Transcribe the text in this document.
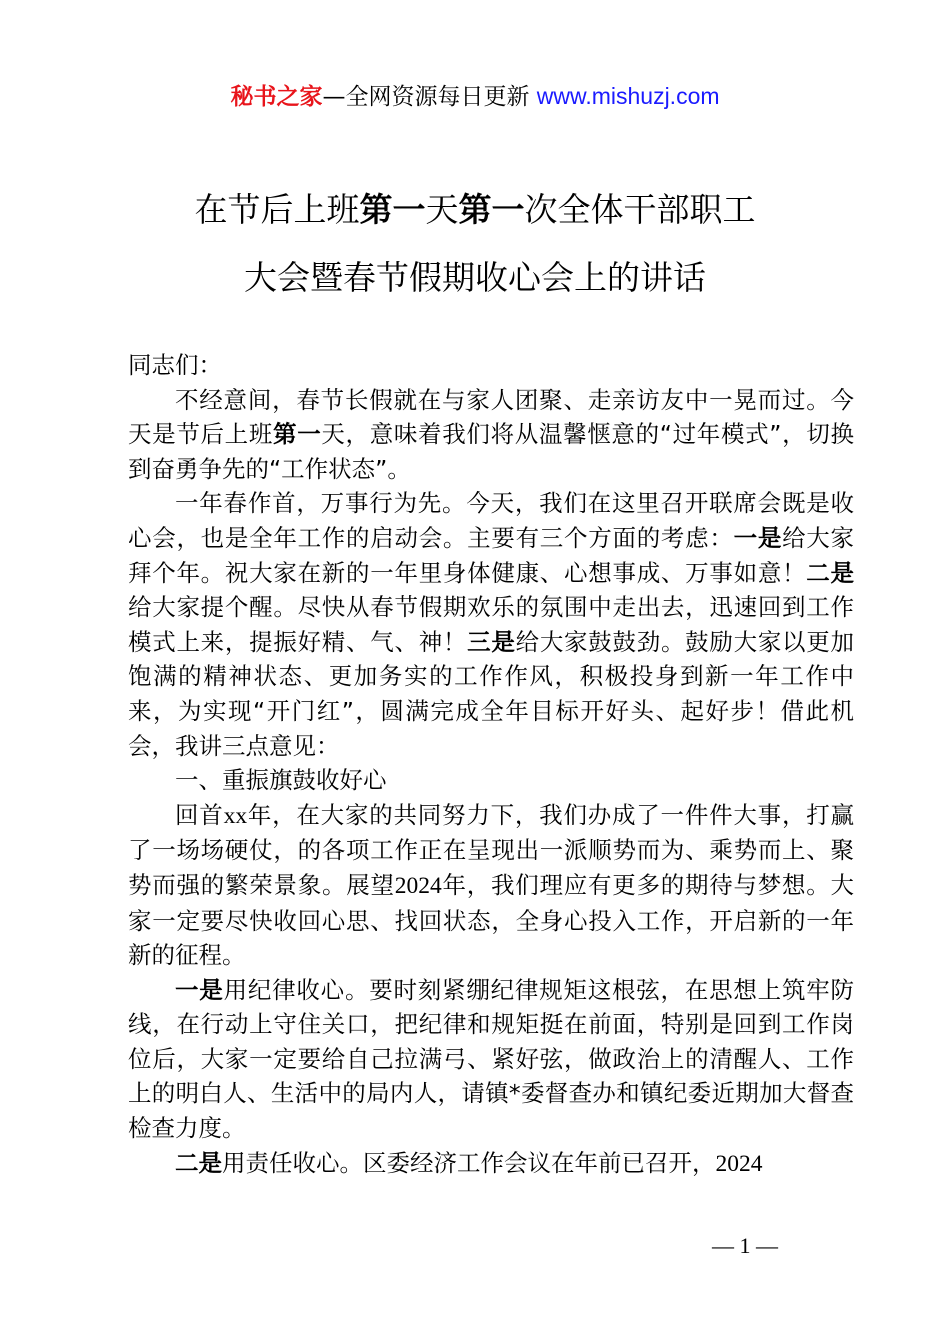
秘书之家—全网资源每日更新 www.mishuzj.com
在节后上班第一天第一次全体干部职工
大会暨春节假期收心会上的讲话

同志们：

不经意间，春节长假就在与家人团聚、走亲访友中一晃而过。今天是节后上班第一天，意味着我们将从温馨惬意的“过年模式”，切换到奋勇争先的“工作状态”。

一年春作首，万事行为先。今天，我们在这里召开联席会既是收心会，也是全年工作的启动会。主要有三个方面的考虑：一是给大家拜个年。祝大家在新的一年里身体健康、心想事成、万事如意！二是给大家提个醒。尽快从春节假期欢乐的氛围中走出去，迅速回到工作模式上来，提振好精、气、神！三是给大家鼓鼓劲。鼓励大家以更加饱满的精神状态、更加务实的工作作风，积极投身到新一年工作中来，为实现“开门红”，圆满完成全年目标开好头、起好步！借此机会，我讲三点意见：

一、重振旗鼓收好心

回首xx年，在大家的共同努力下，我们办成了一件件大事，打赢了一场场硬仗，的各项工作正在呈现出一派顺势而为、乘势而上、聚势而强的繁荣景象。展望2024年，我们理应有更多的期待与梦想。大家一定要尽快收回心思、找回状态，全身心投入工作，开启新的一年新的征程。

一是用纪律收心。要时刻紧绷纪律规矩这根弦，在思想上筑牢防线，在行动上守住关口，把纪律和规矩挺在前面，特别是回到工作岗位后，大家一定要给自己拉满弓、紧好弦，做政治上的清醒人、工作上的明白人、生活中的局内人，请镇*委督查办和镇纪委近期加大督查检查力度。

二是用责任收心。区委经济工作会议在年前已召开，2024

— 1 —
